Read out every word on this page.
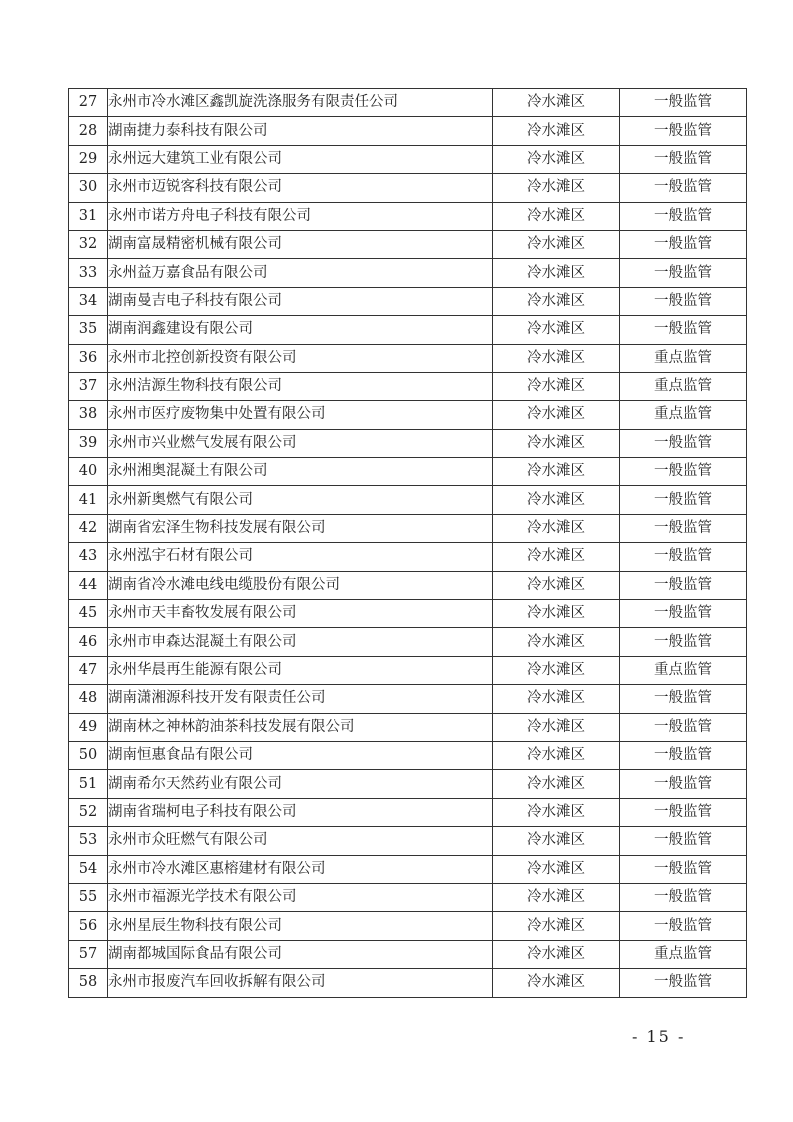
27	永州市冷水滩区鑫凯旋洗涤服务有限责任公司	冷水滩区	一般监管
28	湖南捷力泰科技有限公司	冷水滩区	一般监管
29	永州远大建筑工业有限公司	冷水滩区	一般监管
30	永州市迈锐客科技有限公司	冷水滩区	一般监管
31	永州市诺方舟电子科技有限公司	冷水滩区	一般监管
32	湖南富晟精密机械有限公司	冷水滩区	一般监管
33	永州益万嘉食品有限公司	冷水滩区	一般监管
34	湖南曼吉电子科技有限公司	冷水滩区	一般监管
35	湖南润鑫建设有限公司	冷水滩区	一般监管
36	永州市北控创新投资有限公司	冷水滩区	重点监管
37	永州洁源生物科技有限公司	冷水滩区	重点监管
38	永州市医疗废物集中处置有限公司	冷水滩区	重点监管
39	永州市兴业燃气发展有限公司	冷水滩区	一般监管
40	永州湘奥混凝土有限公司	冷水滩区	一般监管
41	永州新奥燃气有限公司	冷水滩区	一般监管
42	湖南省宏泽生物科技发展有限公司	冷水滩区	一般监管
43	永州泓宇石材有限公司	冷水滩区	一般监管
44	湖南省冷水滩电线电缆股份有限公司	冷水滩区	一般监管
45	永州市天丰畜牧发展有限公司	冷水滩区	一般监管
46	永州市申森达混凝土有限公司	冷水滩区	一般监管
47	永州华晨再生能源有限公司	冷水滩区	重点监管
48	湖南潇湘源科技开发有限责任公司	冷水滩区	一般监管
49	湖南林之神林韵油茶科技发展有限公司	冷水滩区	一般监管
50	湖南恒惠食品有限公司	冷水滩区	一般监管
51	湖南希尔天然药业有限公司	冷水滩区	一般监管
52	湖南省瑞柯电子科技有限公司	冷水滩区	一般监管
53	永州市众旺燃气有限公司	冷水滩区	一般监管
54	永州市冷水滩区惠榕建材有限公司	冷水滩区	一般监管
55	永州市福源光学技术有限公司	冷水滩区	一般监管
56	永州星辰生物科技有限公司	冷水滩区	一般监管
57	湖南都城国际食品有限公司	冷水滩区	重点监管
58	永州市报废汽车回收拆解有限公司	冷水滩区	一般监管
- 15 -
